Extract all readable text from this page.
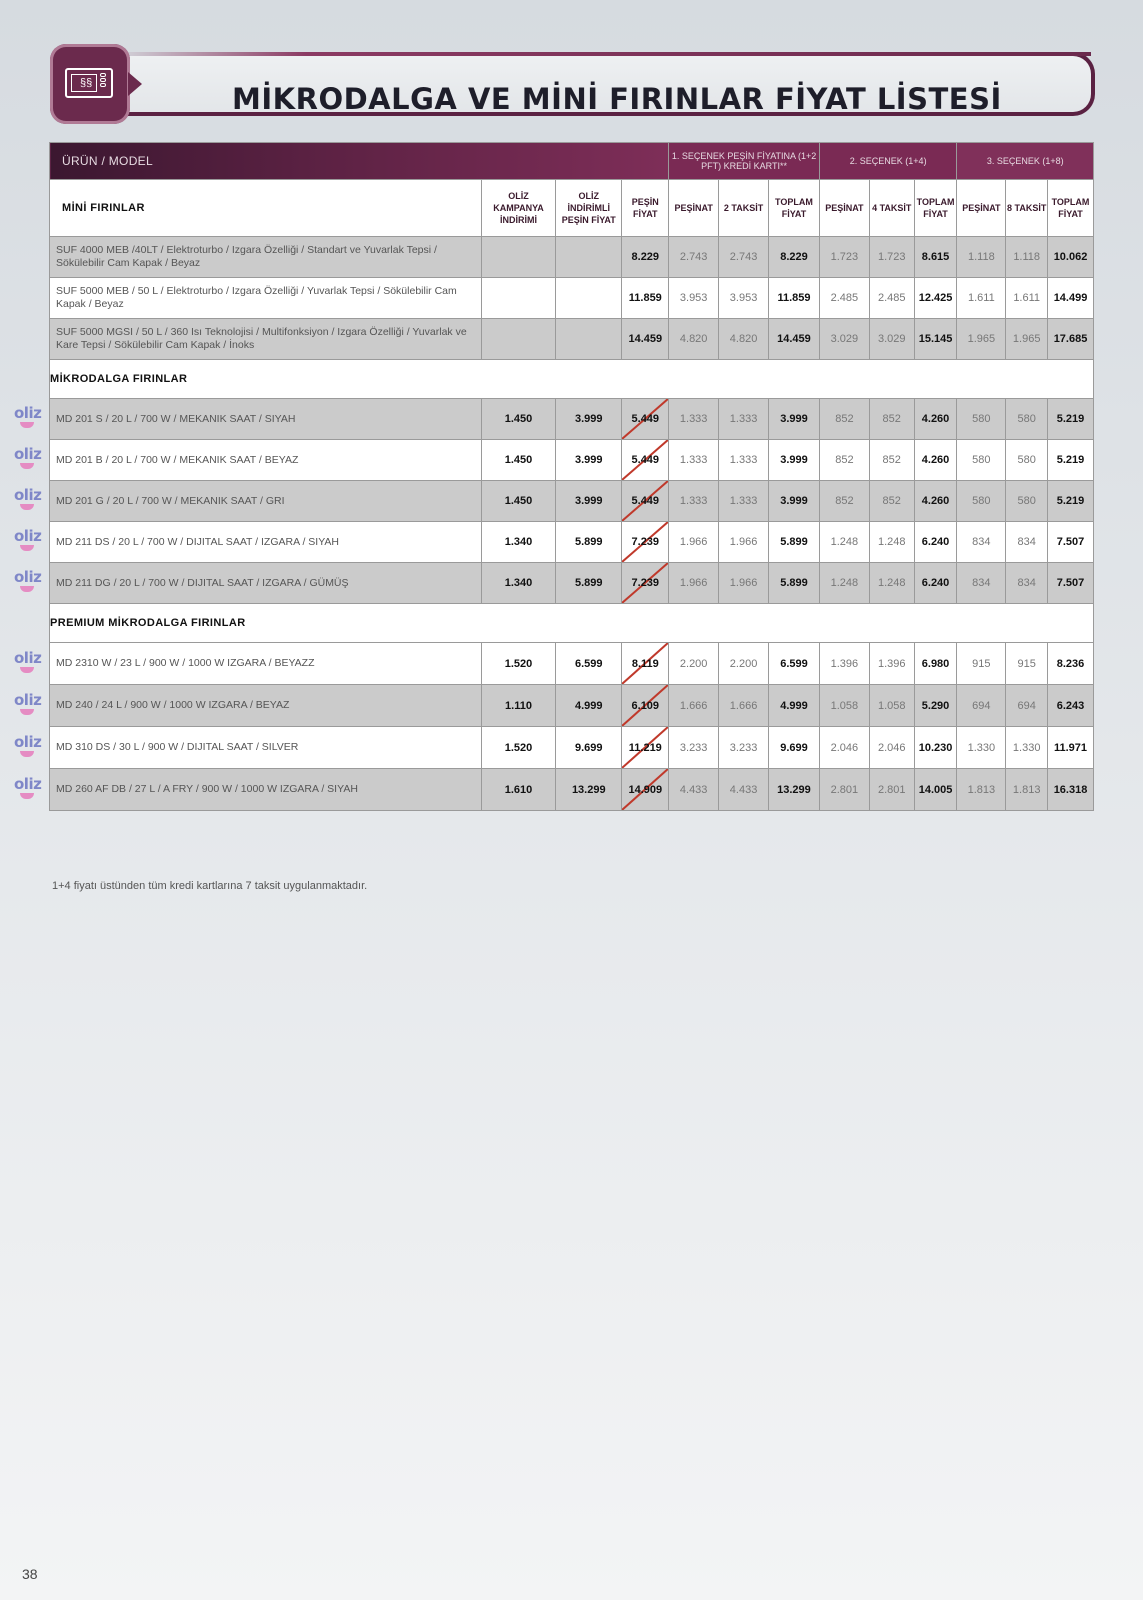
MİKRODALGA VE MİNİ FIRINLAR FİYAT LİSTESİ
§§
ÜRÜN / MODEL				1. SEÇENEK PEŞİN FİYATINA (1+2 PFT) KREDİ KARTI**			2. SEÇENEK (1+4)			3. SEÇENEK (1+8)		
MİNİ FIRINLAR	OLİZ KAMPANYA İNDİRİMİ	OLİZ İNDİRİMLİ PEŞİN FİYAT	PEŞİN FİYAT	PEŞİNAT	2 TAKSİT	TOPLAM FİYAT	PEŞİNAT	4 TAKSİT	TOPLAM FİYAT	PEŞİNAT	8 TAKSİT	TOPLAM FİYAT
SUF 4000 MEB /40LT / Elektroturbo / Izgara Özelliği / Standart ve Yuvarlak Tepsi / Sökülebilir Cam Kapak / Beyaz			8.229	2.743	2.743	8.229	1.723	1.723	8.615	1.118	1.118	10.062
SUF 5000 MEB / 50 L / Elektroturbo / Izgara Özelliği / Yuvarlak Tepsi / Sökülebilir Cam Kapak / Beyaz			11.859	3.953	3.953	11.859	2.485	2.485	12.425	1.611	1.611	14.499
SUF 5000 MGSI / 50 L / 360 Isı Teknolojisi / Multifonksiyon / Izgara Özelliği / Yuvarlak ve Kare Tepsi / Sökülebilir Cam Kapak / İnoks			14.459	4.820	4.820	14.459	3.029	3.029	15.145	1.965	1.965	17.685
MİKRODALGA FIRINLAR												
MD 201 S / 20 L / 700 W / MEKANIK SAAT / SIYAH	1.450	3.999	5.449	1.333	1.333	3.999	852	852	4.260	580	580	5.219
MD 201 B / 20 L / 700 W / MEKANIK SAAT / BEYAZ	1.450	3.999	5.449	1.333	1.333	3.999	852	852	4.260	580	580	5.219
MD 201 G / 20 L / 700 W / MEKANIK SAAT / GRI	1.450	3.999	5.449	1.333	1.333	3.999	852	852	4.260	580	580	5.219
MD 211 DS / 20 L / 700 W / DIJITAL SAAT / IZGARA / SIYAH	1.340	5.899	7.239	1.966	1.966	5.899	1.248	1.248	6.240	834	834	7.507
MD 211 DG / 20 L / 700 W / DIJITAL SAAT / IZGARA / GÜMÜŞ	1.340	5.899	7.239	1.966	1.966	5.899	1.248	1.248	6.240	834	834	7.507
PREMIUM MİKRODALGA FIRINLAR												
MD 2310 W / 23 L / 900 W / 1000 W IZGARA / BEYAZZ	1.520	6.599	8.119	2.200	2.200	6.599	1.396	1.396	6.980	915	915	8.236
MD 240 / 24 L / 900 W / 1000 W IZGARA / BEYAZ	1.110	4.999	6.109	1.666	1.666	4.999	1.058	1.058	5.290	694	694	6.243
MD 310 DS / 30 L / 900 W / DIJITAL SAAT / SILVER	1.520	9.699	11.219	3.233	3.233	9.699	2.046	2.046	10.230	1.330	1.330	11.971
MD 260 AF DB / 27 L / A FRY / 900 W / 1000 W IZGARA / SIYAH	1.610	13.299	14.909	4.433	4.433	13.299	2.801	2.801	14.005	1.813	1.813	16.318
oliz
oliz
oliz
oliz
oliz
oliz
oliz
oliz
oliz
1+4 fiyatı üstünden tüm kredi kartlarına 7 taksit uygulanmaktadır.
38
